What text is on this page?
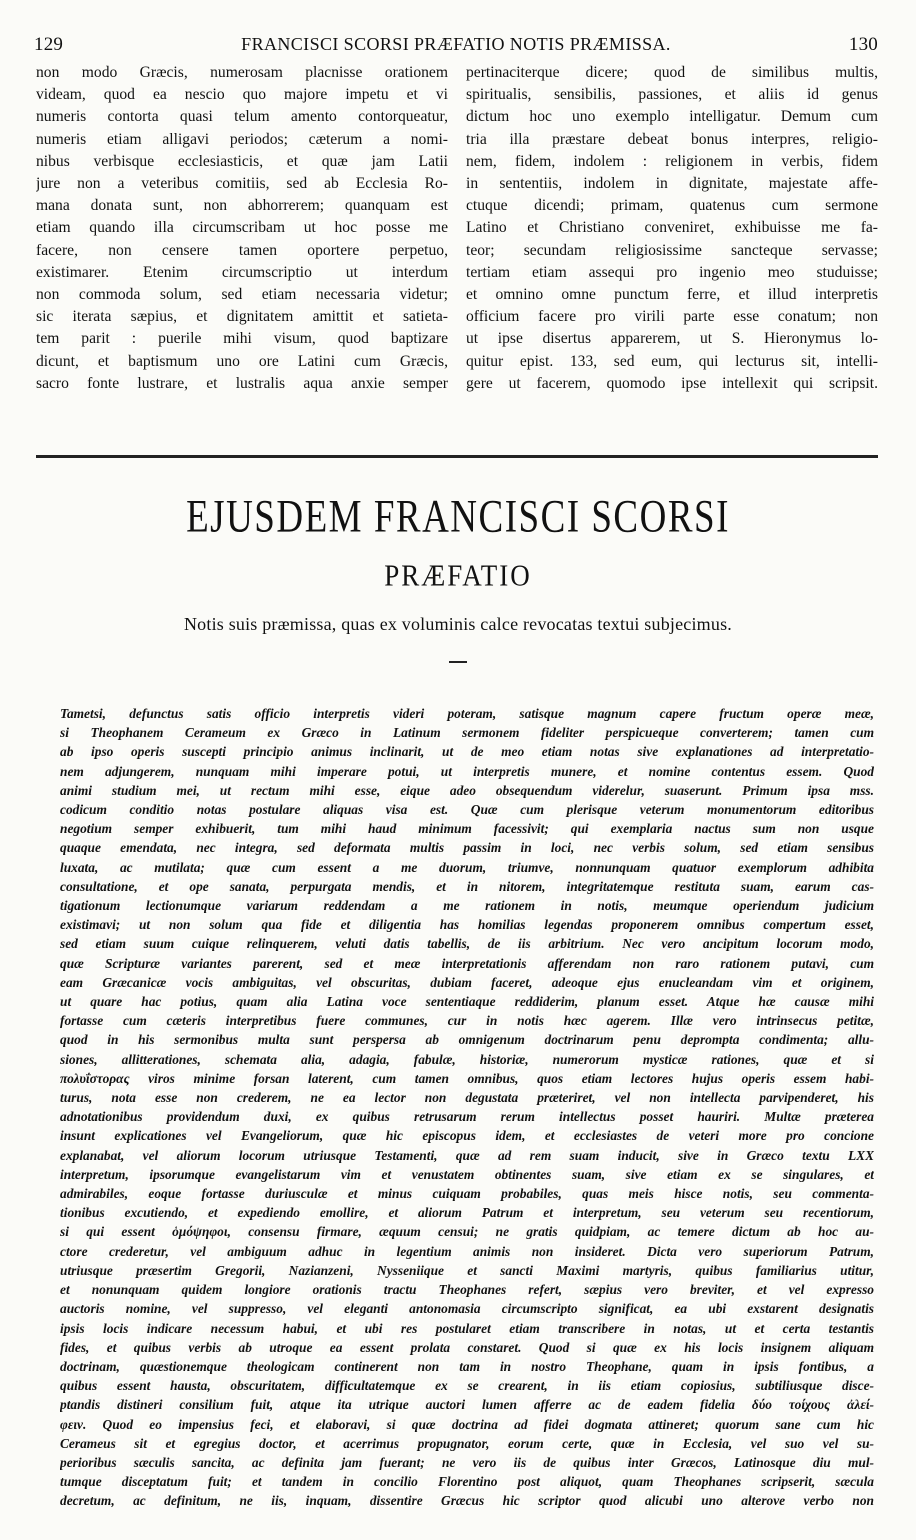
129	FRANCISCI SCORSI PRÆFATIO NOTIS PRÆMISSA.	130
non modo Græcis, numerosam placnisse orationem
videam, quod ea nescio quo majore impetu et vi
numeris contorta quasi telum amento contorqueatur,
numeris etiam alligavi periodos; cæterum a nomi-
nibus verbisque ecclesiasticis, et quæ jam Latii
jure non a veteribus comitiis, sed ab Ecclesia Ro-
mana donata sunt, non abhorrerem; quanquam est
etiam quando illa circumscribam ut hoc posse me
facere, non censere tamen oportere perpetuo,
existimarer. Etenim circumscriptio ut interdum
non commoda solum, sed etiam necessaria videtur;
sic iterata sæpius, et dignitatem amittit et satieta-
tem parit : puerile mihi visum, quod baptizare
dicunt, et baptismum uno ore Latini cum Græcis,
sacro fonte lustrare, et lustralis aqua anxie semper
pertinaciterque dicere; quod de similibus multis,
spiritualis, sensibilis, passiones, et aliis id genus
dictum hoc uno exemplo intelligatur. Demum cum
tria illa præstare debeat bonus interpres, religio-
nem, fidem, indolem : religionem in verbis, fidem
in sententiis, indolem in dignitate, majestate affe-
ctuque dicendi; primam, quatenus cum sermone
Latino et Christiano conveniret, exhibuisse me fa-
teor; secundam religiosissime sancteque servasse;
tertiam etiam assequi pro ingenio meo studuisse;
et omnino omne punctum ferre, et illud interpretis
officium facere pro virili parte esse conatum; non
ut ipse disertus apparerem, ut S. Hieronymus lo-
quitur epist. 133, sed eum, qui lecturus sit, intelli-
gere ut facerem, quomodo ipse intellexit qui scripsit.
EJUSDEM FRANCISCI SCORSI
PRÆFATIO
Notis suis præmissa, quas ex voluminis calce revocatas textui subjecimus.
Tametsi, defunctus satis officio interpretis videri poteram, satisque magnum capere fructum operæ meæ,
si Theophanem Cerameum ex Græco in Latinum sermonem fideliter perspicueque converterem; tamen cum
ab ipso operis suscepti principio animus inclinarit, ut de meo etiam notas sive explanationes ad interpretatio-
nem adjungerem, nunquam mihi imperare potui, ut interpretis munere, et nomine contentus essem. Quod
animi studium mei, ut rectum mihi esse, eique adeo obsequendum viderelur, suaserunt. Primum ipsa mss.
codicum conditio notas postulare aliquas visa est. Quæ cum plerisque veterum monumentorum editoribus
negotium semper exhibuerit, tum mihi haud minimum facessivit; qui exemplaria nactus sum non usque
quaque emendata, nec integra, sed deformata multis passim in loci, nec verbis solum, sed etiam sensibus
luxata, ac mutilata; quæ cum essent a me duorum, triumve, nonnunquam quatuor exemplorum adhibita
consultatione, et ope sanata, perpurgata mendis, et in nitorem, integritatemque restituta suam, earum cas-
tigationum lectionumque variarum reddendam a me rationem in notis, meumque operiendum judicium
existimavi; ut non solum qua fide et diligentia has homilias legendas proponerem omnibus compertum esset,
sed etiam suum cuique relinquerem, veluti datis tabellis, de iis arbitrium. Nec vero ancipitum locorum modo,
quæ Scripturæ variantes parerent, sed et meæ interpretationis afferendam non raro rationem putavi, cum
eam Græcanicæ vocis ambiguitas, vel obscuritas, dubiam faceret, adeoque ejus enucleandam vim et originem,
ut quare hac potius, quam alia Latina voce sententiaque reddiderim, planum esset. Atque hæ causæ mihi
fortasse cum cæteris interpretibus fuere communes, cur in notis hæc agerem. Illæ vero intrinsecus petitæ,
quod in his sermonibus multa sunt perspersa ab omnigenum doctrinarum penu deprompta condimenta; allu-
siones, allitterationes, schemata alia, adagia, fabulæ, historiæ, numerorum mysticæ rationes, quæ et si
πολυΐστορας viros minime forsan laterent, cum tamen omnibus, quos etiam lectores hujus operis essem habi-
turus, nota esse non crederem, ne ea lector non degustata præteriret, vel non intellecta parvipenderet, his
adnotationibus providendum duxi, ex quibus retrusarum rerum intellectus posset hauriri. Multæ præterea
insunt explicationes vel Evangeliorum, quæ hic episcopus idem, et ecclesiastes de veteri more pro concione
explanabat, vel aliorum locorum utriusque Testamenti, quæ ad rem suam inducit, sive in Græco textu LXX
interpretum, ipsorumque evangelistarum vim et venustatem obtinentes suam, sive etiam ex se singulares, et
admirabiles, eoque fortasse duriusculæ et minus cuiquam probabiles, quas meis hisce notis, seu commenta-
tionibus excutiendo, et expediendo emollire, et aliorum Patrum et interpretum, seu veterum seu recentiorum,
si qui essent ὁμόψηφοι, consensu firmare, æquum censui; ne gratis quidpiam, ac temere dictum ab hoc au-
ctore crederetur, vel ambiguum adhuc in legentium animis non insideret. Dicta vero superiorum Patrum,
utriusque præsertim Gregorii, Nazianzeni, Nysseniique et sancti Maximi martyris, quibus familiarius utitur,
et nonunquam quidem longiore orationis tractu Theophanes refert, sæpius vero breviter, et vel expresso
auctoris nomine, vel suppresso, vel eleganti antonomasia circumscripto significat, ea ubi exstarent designatis
ipsis locis indicare necessum habui, et ubi res postularet etiam transcribere in notas, ut et certa testantis
fides, et quibus verbis ab utroque ea essent prolata constaret. Quod si quæ ex his locis insignem aliquam
doctrinam, quæstionemque theologicam continerent non tam in nostro Theophane, quam in ipsis fontibus, a
quibus essent hausta, obscuritatem, difficultatemque ex se crearent, in iis etiam copiosius, subtiliusque disce-
ptandis distineri consilium fuit, atque ita utrique auctori lumen afferre ac de eadem fidelia δύο τοίχους ἀλεί-
φειν. Quod eo impensius feci, et elaboravi, si quæ doctrina ad fidei dogmata attineret; quorum sane cum hic
Cerameus sit et egregius doctor, et acerrimus propugnator, eorum certe, quæ in Ecclesia, vel suo vel su-
perioribus sæculis sancita, ac definita jam fuerant; ne vero iis de quibus inter Græcos, Latinosque diu mul-
tumque disceptatum fuit; et tandem in concilio Florentino post aliquot, quam Theophanes scripserit, sæcula
decretum, ac definitum, ne iis, inquam, dissentire Græcus hic scriptor quod alicubi uno alterove verbo non
